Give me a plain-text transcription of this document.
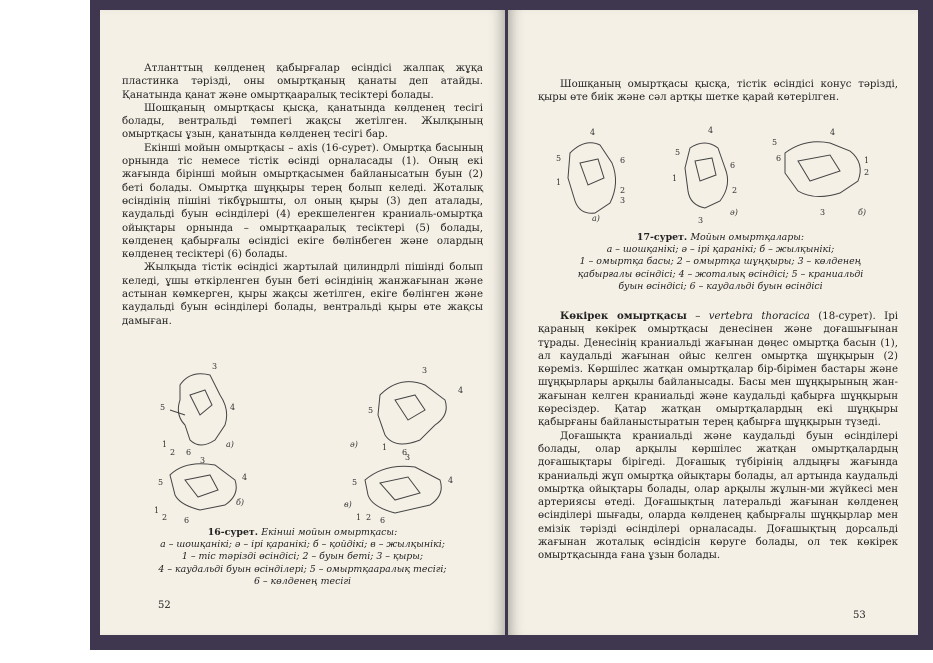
Атланттың көлденең қабырғалар өсіндісі жалпақ жұқа пластинка тәрізді, оны омыртқаның қанаты деп атайды. Қанатында қанат және омыртқааралық тесіктері болады.

Шошқаның омыртқасы қысқа, қанатында көлденең тесігі болады, вентральді төмпегі жақсы жетілген. Жылқының омыртқасы ұзын, қанатында көлденең тесігі бар.

Екінші мойын омыртқасы – axis (16-сурет). Омыртқа басының орнында тіс немесе тістік өсінді орналасады (1). Оның екі жағында бірінші мойын омыртқасымен байланысатын буын (2) беті болады. Омыртқа шұңқыры терең болып келеді. Жоталық өсіндінің пішіні тікбұрышты, ол оның қыры (3) деп аталады, каудальді буын өсінділері (4) ерекшеленген краниаль-омыртқа ойықтары орнында – омыртқааралық тесіктері (5) болады, көлденең қабырғалы өсіндісі екіге бөлінбеген және олардың көлденең тесіктері (6) болады.

Жылқыда тістік өсіндісі жартылай цилиндрлі пішінді болып келеді, ұшы өткірленген буын беті өсіндінің жанжағынан және астынан көмкерген, қыры жақсы жетілген, екіге бөлінген және каудальді буын өсінділері болады, вентральді қыры өте жақсы дамыған.

3
5	4
1
2 6
а)
3
4
5
1
6
ә)
3
5
4
1
2 6
б)
3
5	4
1 2 6
в)
16-сурет. Екінші мойын омыртқасы:
а – шошқанікі; ә – ірі қаранікі; б – қойдікі; в – жылқынікі;
1 – тіс тәрізді өсіндісі; 2 – буын беті; 3 – қыры;
4 – каудальді буын өсінділері; 5 – омыртқааралық тесігі;
6 – көлденең тесігі
52

Шошқаның омыртқасы қысқа, тістік өсіндісі конус тәрізді, қыры өте биік және сәл артқы шетке қарай көтерілген.

4
5	6
1
2
3
а)
4
5
6
1
2
3
ә)
4
5
6	1
2
3	б)
17-сурет. Мойын омыртқалары:
а – шошқанікі; ә – ірі қаранікі; б – жылқынікі;
1 – омыртқа басы; 2 – омыртқа шұңқыры; 3 – көлденең
қабырғалы өсіндісі; 4 – жоталық өсіндісі; 5 – краниальді
буын өсіндісі; 6 – каудальді буын өсіндісі

Көкірек омыртқасы – vertebra thoracica (18-сурет). Ірі қараның көкірек омыртқасы денесінен және доғашығынан тұрады. Денесінің краниальді жағынан дөңес омыртқа басын (1), ал каудальді жағынан ойыс келген омыртқа шұңқырын (2) көреміз. Көршілес жатқан омыртқалар бір-бірімен бастары және шұңқырлары арқылы байланысады. Басы мен шұңқырының жан-жағынан келген краниальді және каудальді қабырға шұңқырын көресіздер. Қатар жатқан омыртқалардың екі шұңқыры қабырғаны байланыстыратын терең қабырға шұңқырын түзеді.

Доғашықта краниальді және каудальді буын өсінділері болады, олар арқылы көршілес жатқан омыртқалардың доғашықтары бірігеді. Доғашық түбірінің алдыңғы жағында краниальді жұп омыртқа ойықтары болады, ал артында каудальді омыртқа ойықтары болады, олар арқылы жұлын-ми жүйкесі мен артериясы өтеді. Доғашықтың латеральді жағынан көлденең өсінділері шығады, оларда көлденең қабырғалы шұңқырлар мен емізік тәрізді өсінділері орналасады. Доғашықтың дорсальді жағынан жоталық өсіндісін көруге болады, ол тек көкірек омыртқасында ғана ұзын болады.

53
